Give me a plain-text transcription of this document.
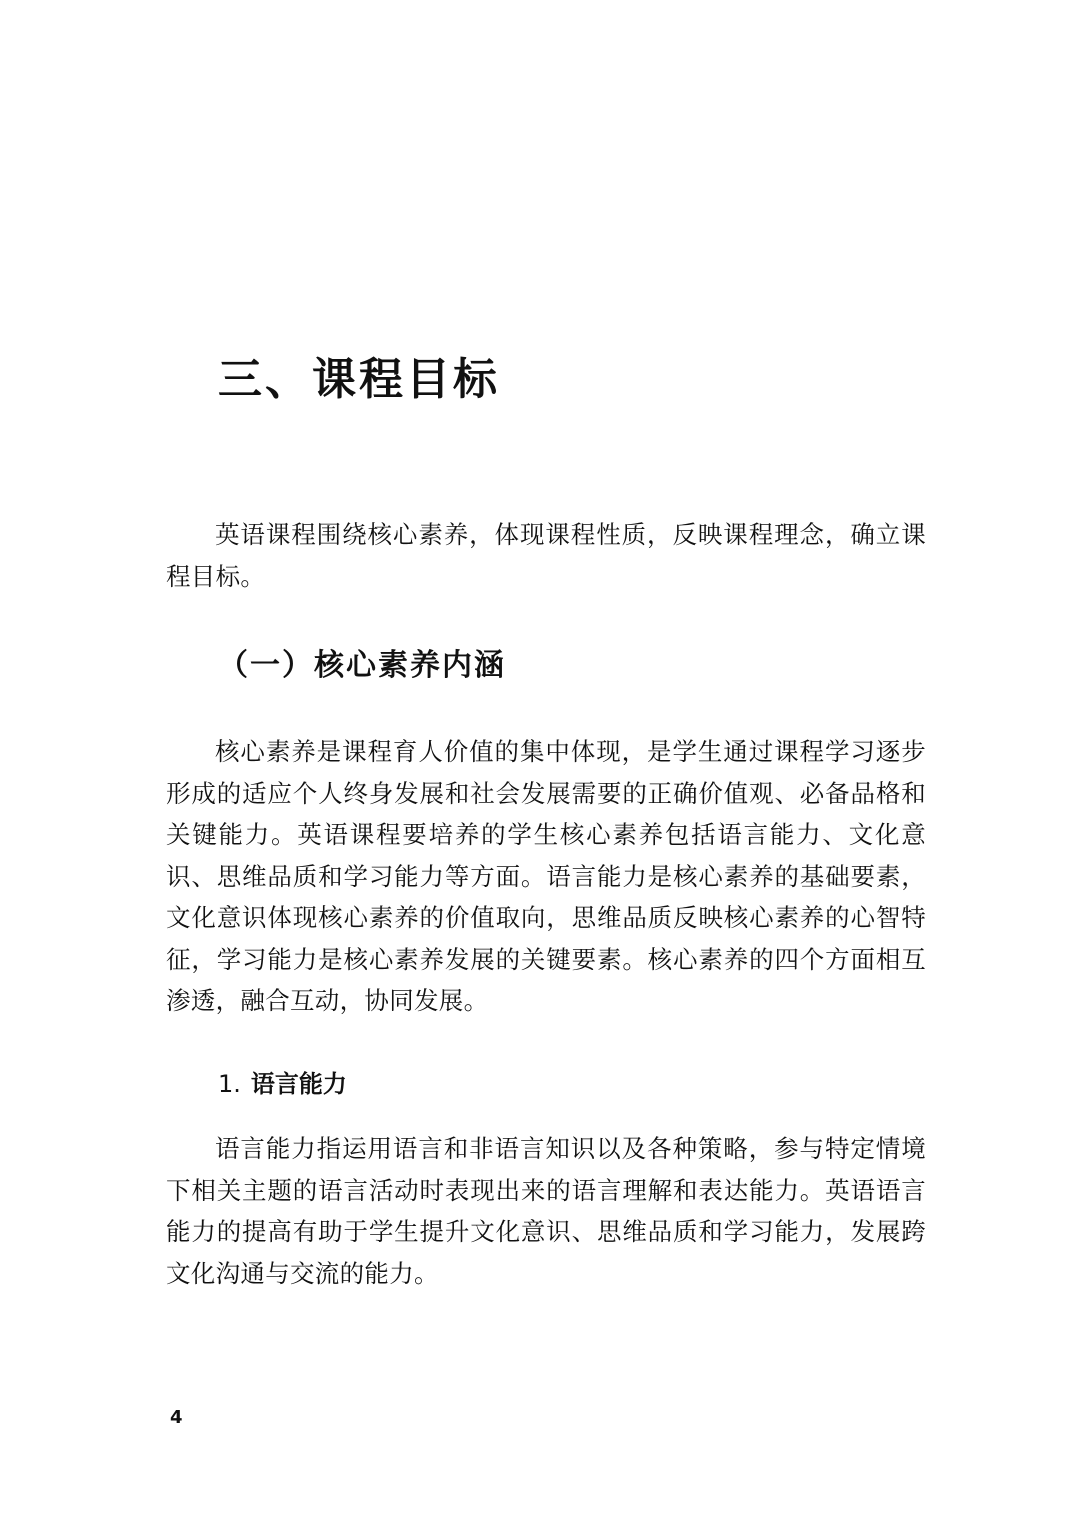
三、课程目标

英语课程围绕核心素养，体现课程性质，反映课程理念，确立课程目标。

（一）核心素养内涵

核心素养是课程育人价值的集中体现，是学生通过课程学习逐步形成的适应个人终身发展和社会发展需要的正确价值观、必备品格和关键能力。英语课程要培养的学生核心素养包括语言能力、文化意识、思维品质和学习能力等方面。语言能力是核心素养的基础要素，文化意识体现核心素养的价值取向，思维品质反映核心素养的心智特征，学习能力是核心素养发展的关键要素。核心素养的四个方面相互渗透，融合互动，协同发展。

1. 语言能力

语言能力指运用语言和非语言知识以及各种策略，参与特定情境下相关主题的语言活动时表现出来的语言理解和表达能力。英语语言能力的提高有助于学生提升文化意识、思维品质和学习能力，发展跨文化沟通与交流的能力。

4
